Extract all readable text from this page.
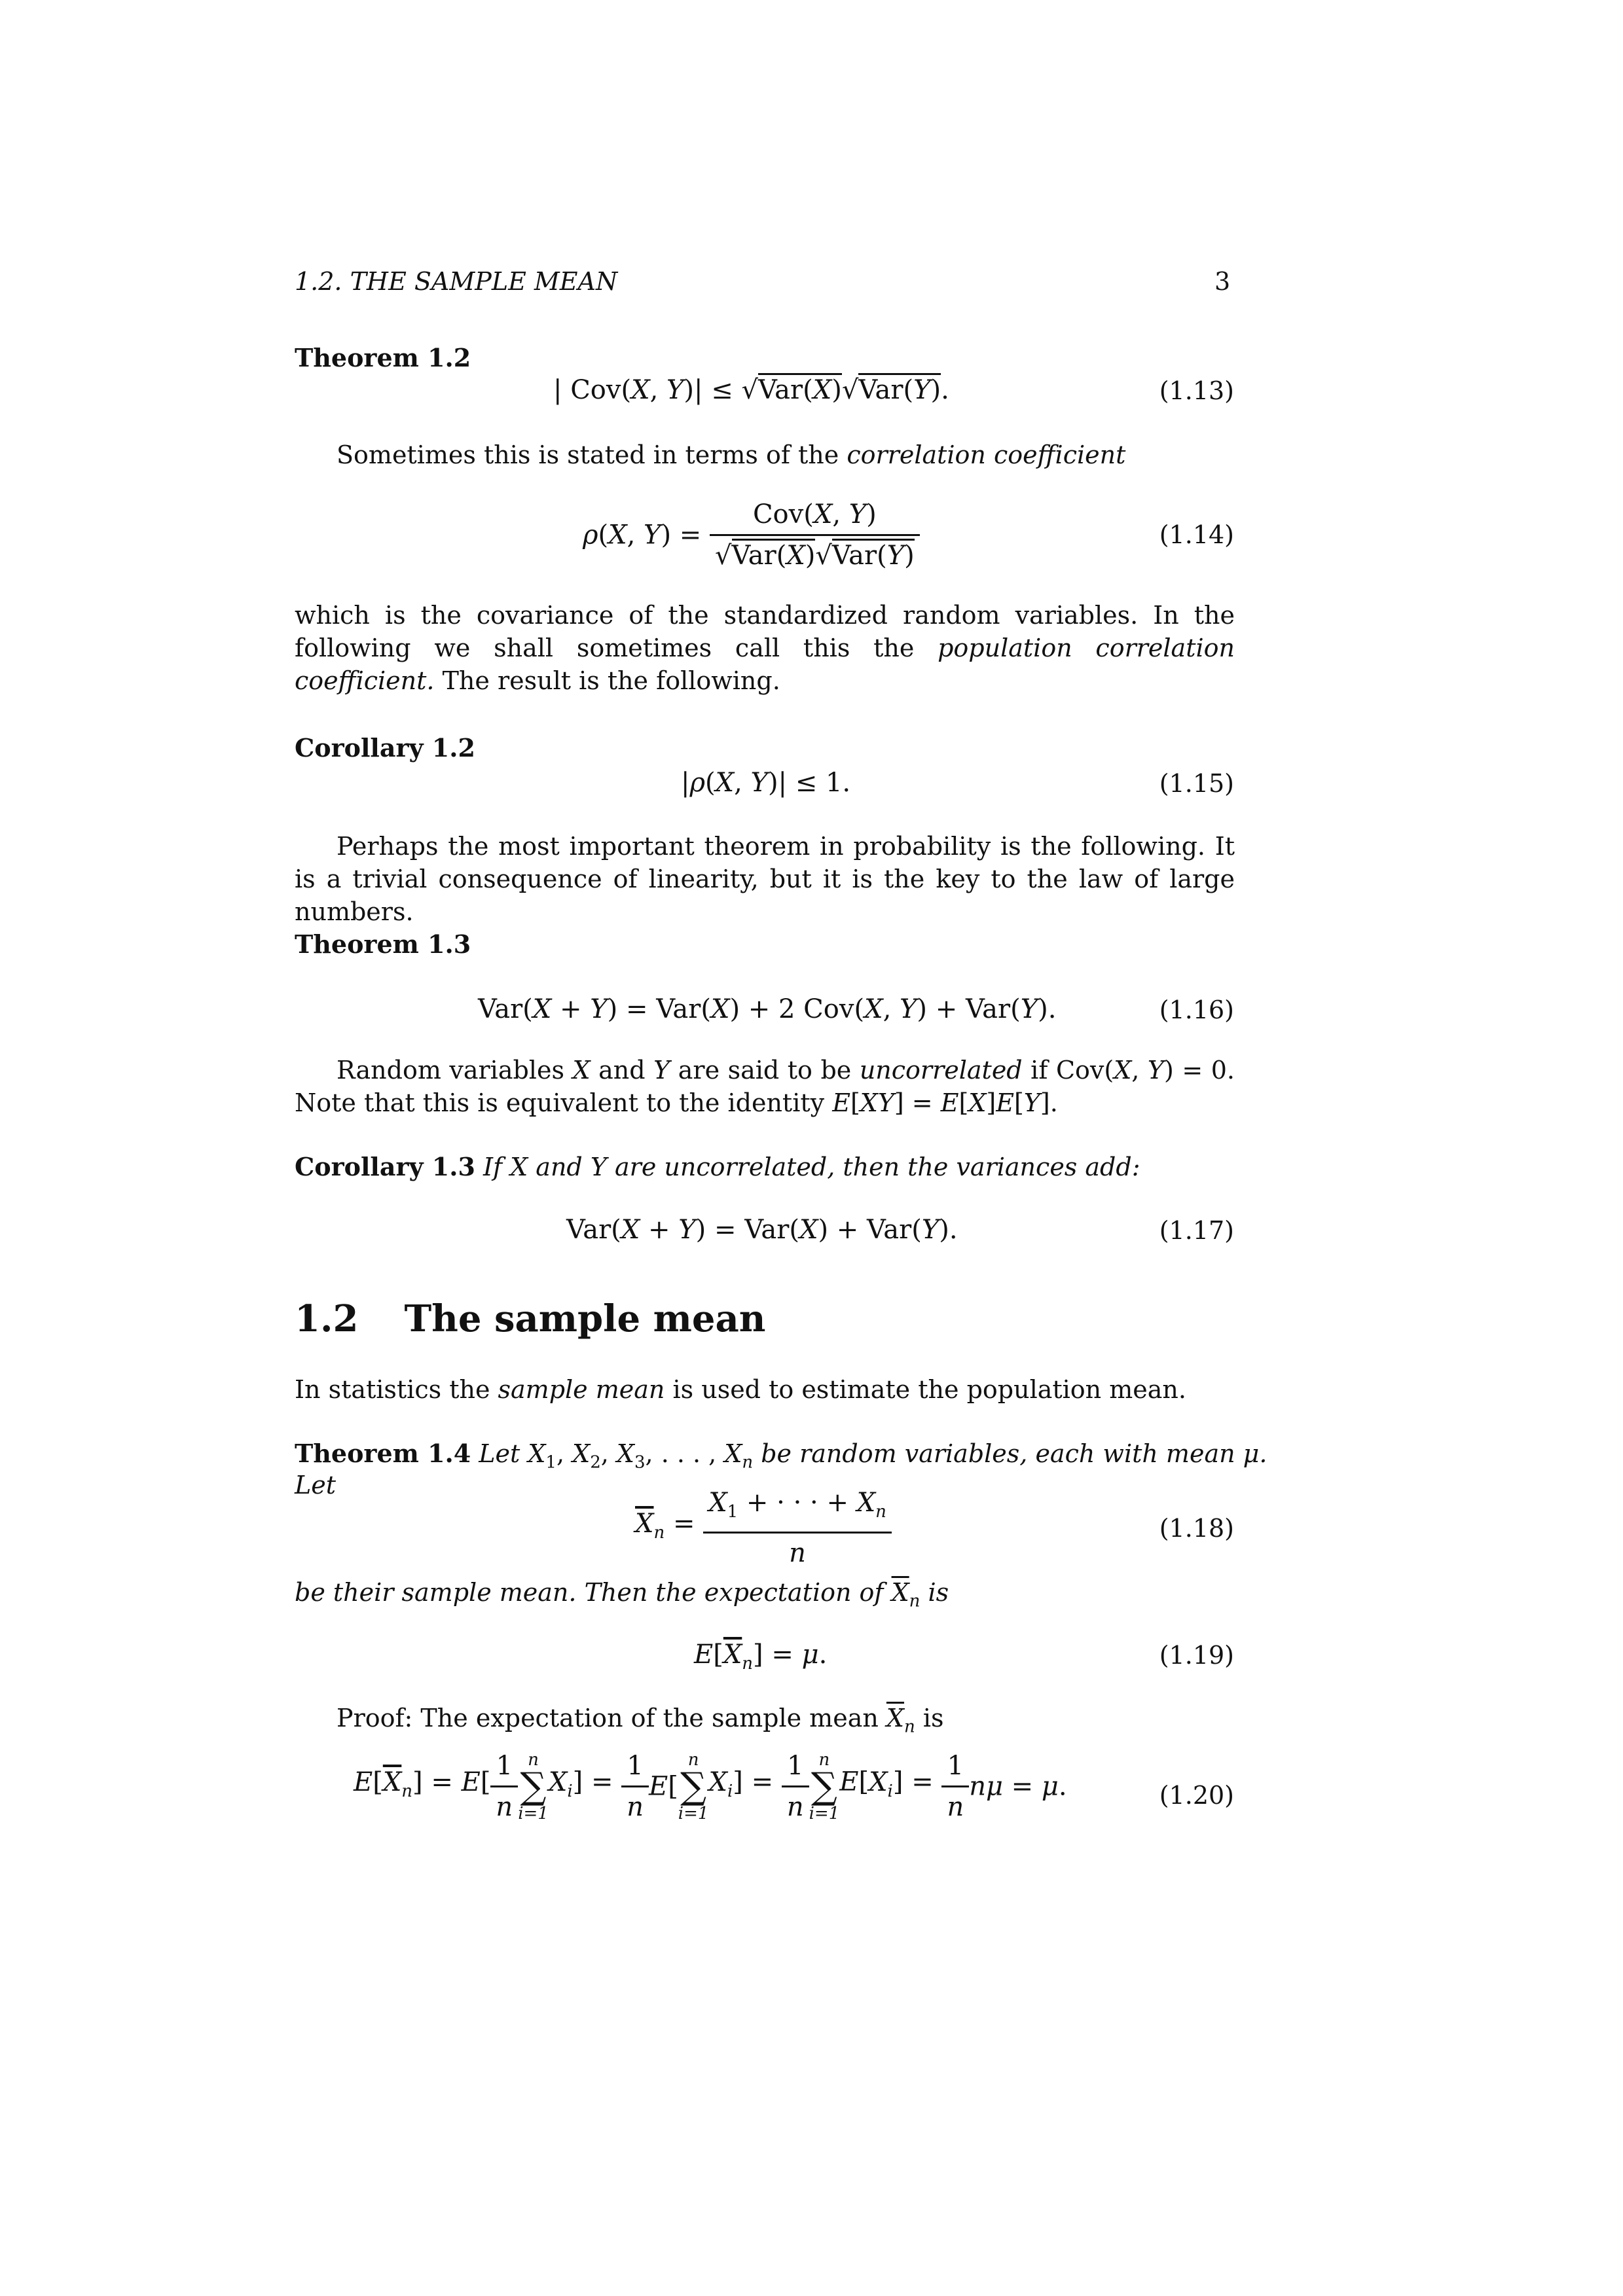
1.2. THE SAMPLE MEAN	3
Theorem 1.2
| Cov(X, Y)| ≤ √Var(X)√Var(Y).	(1.13)
Sometimes this is stated in terms of the correlation coefficient
ρ(X, $Y) = \frac{\text{Cov(X, Y)}}{\text{√Var(X)√Var(Y)}}$	(1.14)
which is the covariance of the standardized random variables. In the following we shall sometimes call this the population correlation coefficient. The result is the following.
Corollary 1.2
|ρ(X, Y)| ≤ 1.	(1.15)
Perhaps the most important theorem in probability is the following. It is a trivial consequence of linearity, but it is the key to the law of large numbers.
Theorem 1.3
Var(X + Y) = Var(X) + 2 Cov(X, Y) + Var(Y).	(1.16)
Random variables X and Y are said to be uncorrelated if Cov(X, Y) = 0. Note that this is equivalent to the identity E[XY] = E[X]E[Y].
Corollary 1.3 If X and Y are uncorrelated, then the variances add:
Var(X + Y) = Var(X) + Var(Y).	(1.17)
1.2 The sample mean
In statistics the sample mean is used to estimate the population mean.
Theorem 1.4 Let $X_1$, $X_2$, $X_3$, . . . , $X_n$ be random variables, each with mean μ.
Let
$\overline{X}_n = \frac{X_1 + \cdot \cdot \cdot + X_n}{n}$	(1.18)
be their sample mean. Then the expectation of $\overline{X}_n$ is
$E[\overline{X}_n] = \mu$.	(1.19)
Proof: The expectation of the sample mean $\overline{X}_n$ is
$E[\overline{X}_n] = E[ \frac{1}{n}$ n
∑
i=1
$X_i] = \frac{1}{n} E$[
n
∑
i=1
$X_i] = \frac{1}{n}$ n
∑
i=1
$E[X_i] = \frac{1}{n}$ nμ = μ.	(1.20)
